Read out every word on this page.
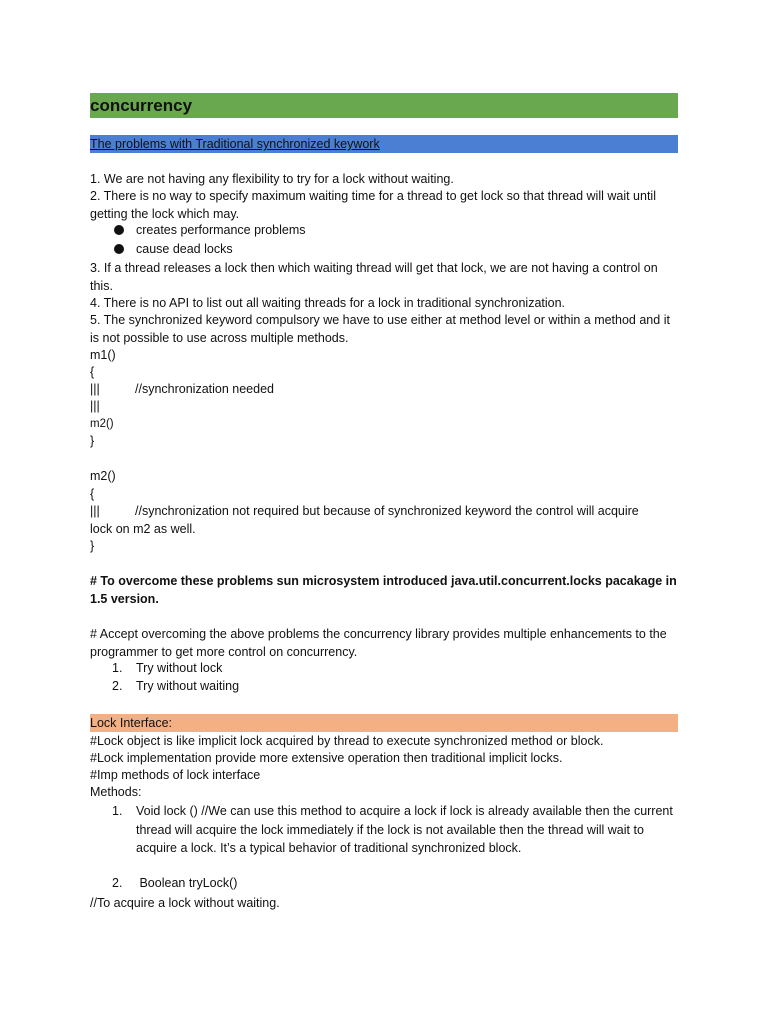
concurrency
The problems with Traditional synchronized keywork
1. We are not having any flexibility to try for a lock without waiting.
2. There is no way to specify maximum waiting time for a thread to get lock so that thread will wait until getting the lock which may.
creates performance problems
cause dead locks
3. If a thread releases a lock then which waiting thread will get that lock, we are not having a control on this.
4. There is no API to list out all waiting threads for a lock in traditional synchronization.
5. The synchronized keyword compulsory we have to use either at method level or within a method and it is not possible to use across multiple methods.
m1()
{
|||	//synchronization needed
|||
m2()
}
m2()
{
|||	//synchronization not required but because of synchronized keyword the control will acquire
lock on m2 as well.
}
# To overcome these problems sun microsystem introduced java.util.concurrent.locks pacakage in 1.5 version.
# Accept overcoming the above problems the concurrency library provides multiple enhancements to the programmer to get more control on concurrency.
1. Try without lock
2. Try without waiting
Lock Interface:
#Lock object is like implicit lock acquired by thread to execute synchronized method or block.
#Lock implementation provide more extensive operation then traditional implicit locks.
#Imp methods of lock interface
Methods:
1.	Void lock () //We can use this method to acquire a lock if lock is already available then the current thread will acquire the lock immediately if the lock is not available then the thread will wait to acquire a lock. It’s a typical behavior of traditional synchronized block.
2. Boolean tryLock()
//To acquire a lock without waiting.
